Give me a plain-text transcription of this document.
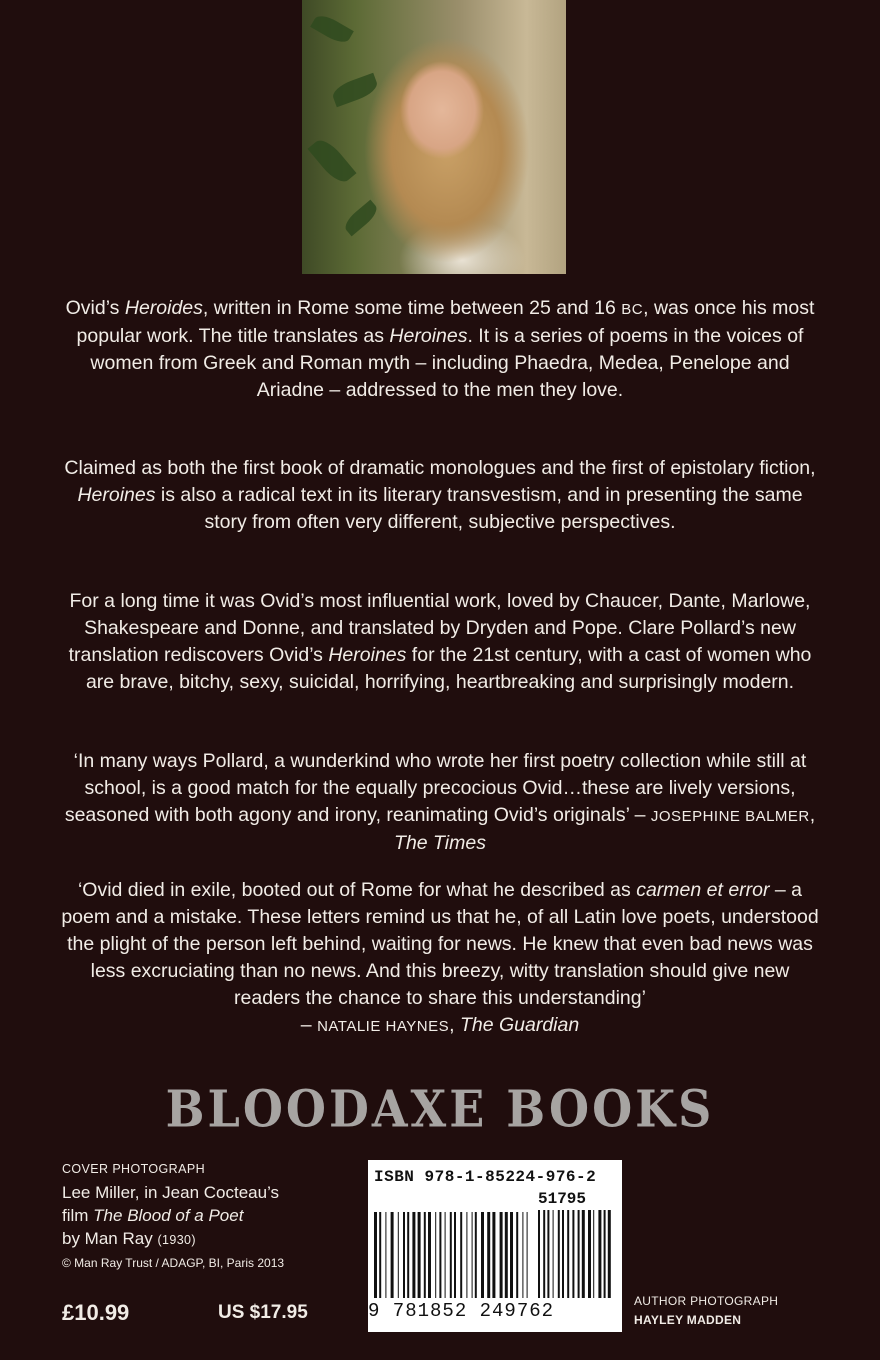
Ovid’s Heroides, written in Rome some time between 25 and 16 BC, was once his most popular work. The title translates as Heroines. It is a series of poems in the voices of women from Greek and Roman myth – including Phaedra, Medea, Penelope and Ariadne – addressed to the men they love.

Claimed as both the first book of dramatic monologues and the first of epistolary fiction, Heroines is also a radical text in its literary transvestism, and in presenting the same story from often very different, subjective perspectives.

For a long time it was Ovid’s most influential work, loved by Chaucer, Dante, Marlowe, Shakespeare and Donne, and translated by Dryden and Pope. Clare Pollard’s new translation rediscovers Ovid’s Heroines for the 21st century, with a cast of women who are brave, bitchy, sexy, suicidal, horrifying, heartbreaking and surprisingly modern.

‘In many ways Pollard, a wunderkind who wrote her first poetry collection while still at school, is a good match for the equally precocious Ovid…these are lively versions, seasoned with both agony and irony, reanimating Ovid’s originals’ – JOSEPHINE BALMER, The Times

‘Ovid died in exile, booted out of Rome for what he described as carmen et error – a poem and a mistake. These letters remind us that he, of all Latin love poets, understood the plight of the person left behind, waiting for news. He knew that even bad news was less excruciating than no news. And this breezy, witty translation should give new readers the chance to share this understanding’
– NATALIE HAYNES, The Guardian

BLOODAXE BOOKS
COVER PHOTOGRAPH
Lee Miller, in Jean Cocteau’s
film The Blood of a Poet
by Man Ray (1930)
© Man Ray Trust / ADAGP, BI, Paris 2013
£10.99	US $17.95
ISBN 978-1-85224-976-2
51795
9 781852 249762	AUTHOR PHOTOGRAPH
HAYLEY MADDEN
